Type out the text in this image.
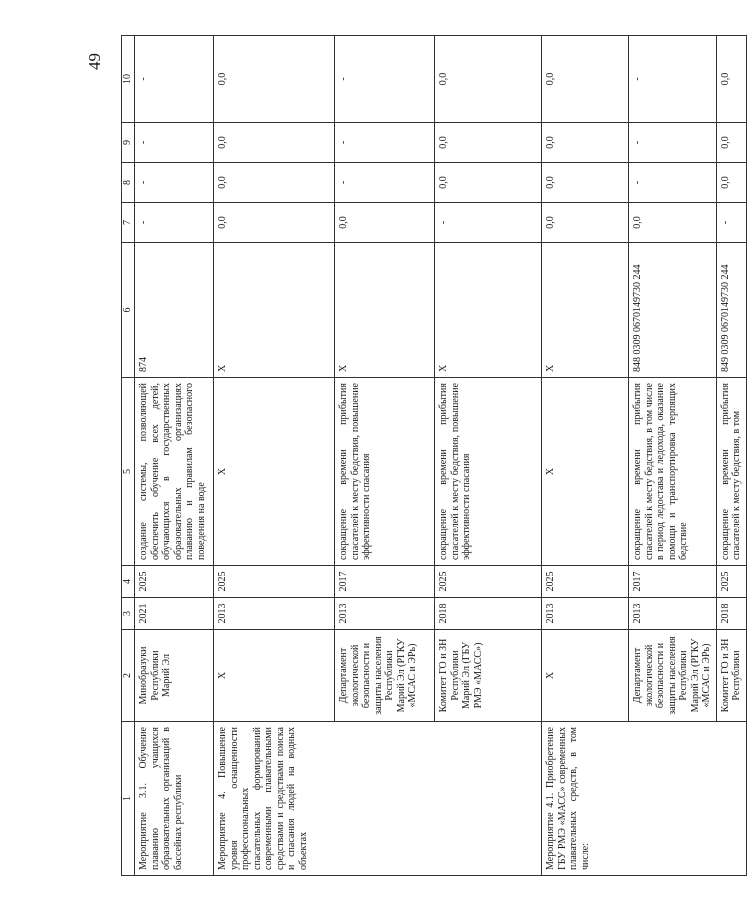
49
1	2	3	4	5	6	7	8	9	10
Мероприятие 3.1. Обучение плаванию учащихся образовательных организаций в бассейнах республики	Минобразуки Республики Марий Эл	2021	2025	создание системы, позволяющей обеспечить обучение всех детей, обучающихся в государственных образовательных организациях плаванию и правилам безопасного поведения на воде	874	-	-	-	-
Мероприятие 4. Повышение уровня оснащенности профессиональных спасательных формирований современными плавательными средствами и средствами поиска и спасания людей на водных объектах	X	2013	2025	X	X	0,0	0,0	0,0	0,0
	Департамент экологической безопасности и защиты населения Республики Марий Эл (РГКУ «МСАС и ЭРь)	2013	2017	сокращение времени прибытия спасателей к месту бедствия, повышение эффективности спасания	X	0,0	-	-	-
	Комитет ГО и ЗН Республики Марий Эл (ГБУ РМЭ «МАСС»)	2018	2025	сокращение времени прибытия спасателей к месту бедствия, повышение эффективности спасания	X	-	0,0	0,0	0,0
Мероприятие 4.1. Приобретение ГБУ РМЭ «МАСС» современных плавательных средств, в том числе:	X	2013	2025	X	X	0,0	0,0	0,0	0,0
	Департамент экологической безопасности и защиты населения Республики Марий Эл (РГКУ «МСАС и ЭРь)	2013	2017	сокращение времени прибытия спасателей к месту бедствия, в том числе в период ледостава и ледохода, оказание помощи и транспортировка терпящих бедствие	848 0309 0670149730 244	0,0	-	-	-
	Комитет ГО и ЗН Республики	2018	2025	сокращение времени прибытия спасателей к месту бедствия, в том	849 0309 0670149730 244	-	0,0	0,0	0,0
